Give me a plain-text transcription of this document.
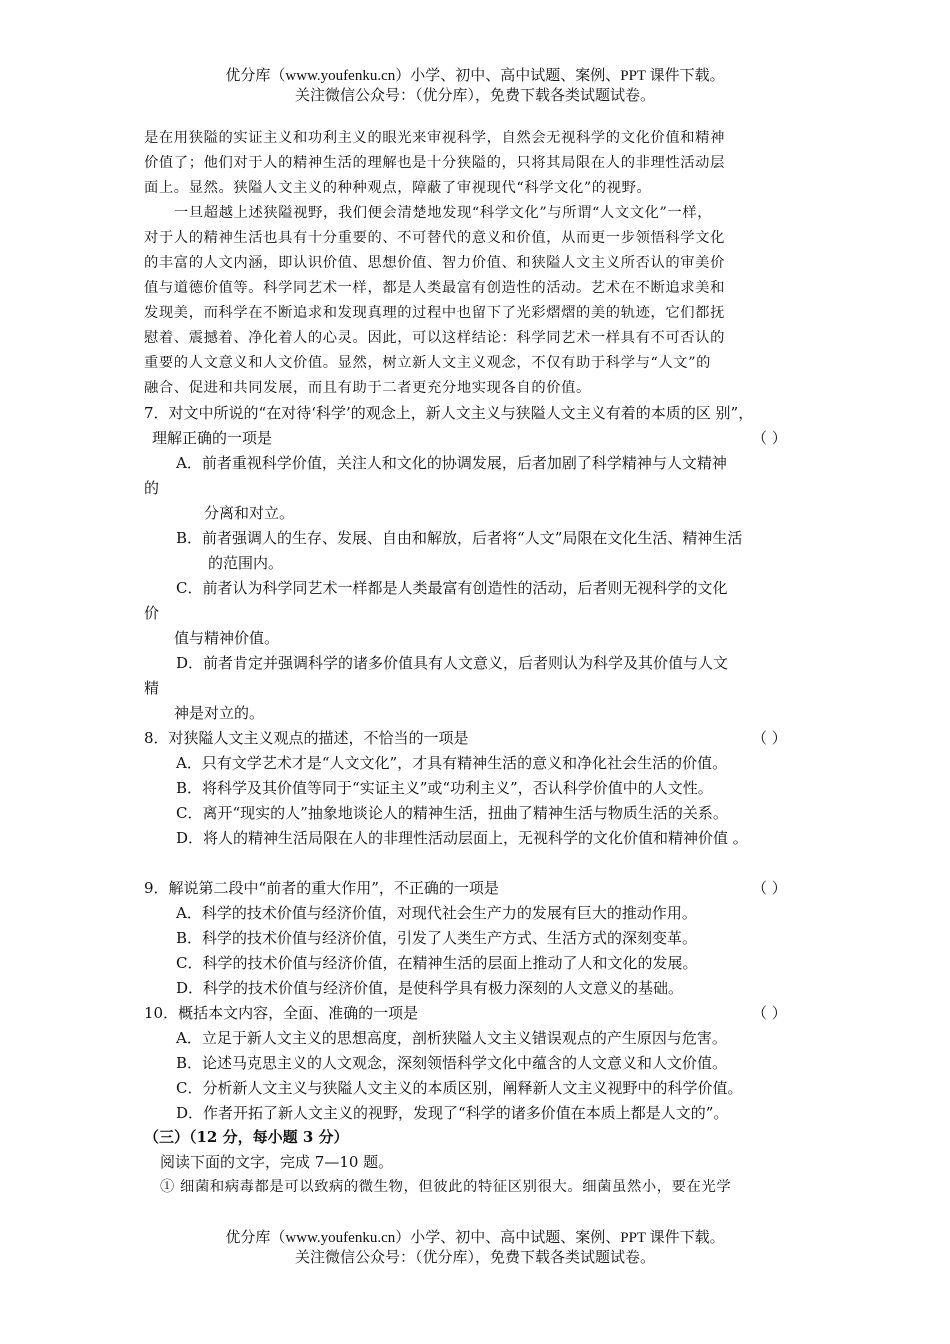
优分库（www.youfenku.cn）小学、初中、高中试题、案例、PPT 课件下载。
关注微信公众号：（优分库），免费下载各类试题试卷。
是在用狭隘的实证主义和功利主义的眼光来审视科学，自然会无视科学的文化价值和精神
价值了；他们对于人的精神生活的理解也是十分狭隘的，只将其局限在人的非理性活动层
面上。显然。狭隘人文主义的种种观点，障蔽了审视现代“科学文化”的视野。
一旦超越上述狭隘视野，我们便会清楚地发现“科学文化”与所谓“人文文化”一样，
对于人的精神生活也具有十分重要的、不可替代的意义和价值，从而更一步领悟科学文化
的丰富的人文内涵，即认识价值、思想价值、智力价值、和狭隘人文主义所否认的审美价
值与道德价值等。科学同艺术一样，都是人类最富有创造性的活动。艺术在不断追求美和
发现美，而科学在不断追求和发现真理的过程中也留下了光彩熠熠的美的轨迹，它们都抚
慰着、震撼着、净化着人的心灵。因此，可以这样结论：科学同艺术一样具有不可否认的
重要的人文意义和人文价值。显然，树立新人文主义观念，不仅有助于科学与“人文”的
融合、促进和共同发展，而且有助于二者更充分地实现各自的价值。
7．对文中所说的“在对待‘科学’的观念上，新人文主义与狭隘人文主义有着的本质的区 别”，
理解正确的一项是	（ ）
A．前者重视科学价值，关注人和文化的协调发展，后者加剧了科学精神与人文精神
的
分离和对立。
B．前者强调人的生存、发展、自由和解放，后者将“人文”局限在文化生活、精神生活
的范围内。
C．前者认为科学同艺术一样都是人类最富有创造性的活动，后者则无视科学的文化
价
值与精神价值。
D．前者肯定并强调科学的诸多价值具有人文意义，后者则认为科学及其价值与人文
精
神是对立的。
8．对狭隘人文主义观点的描述，不恰当的一项是	（ ）
A．只有文学艺术才是“人文文化”，才具有精神生活的意义和净化社会生活的价值。
B．将科学及其价值等同于“实证主义”或“功利主义”，否认科学价值中的人文性。
C．离开“现实的人”抽象地谈论人的精神生活，扭曲了精神生活与物质生活的关系。
D．将人的精神生活局限在人的非理性活动层面上，无视科学的文化价值和精神价值 。
9．解说第二段中“前者的重大作用”，不正确的一项是	（ ）
A．科学的技术价值与经济价值，对现代社会生产力的发展有巨大的推动作用。
B．科学的技术价值与经济价值，引发了人类生产方式、生活方式的深刻变革。
C．科学的技术价值与经济价值，在精神生活的层面上推动了人和文化的发展。
D．科学的技术价值与经济价值，是使科学具有极力深刻的人文意义的基础。
10．概括本文内容，全面、准确的一项是	（ ）
A．立足于新人文主义的思想高度，剖析狭隘人文主义错误观点的产生原因与危害。
B．论述马克思主义的人文观念，深刻领悟科学文化中蕴含的人文意义和人文价值。
C．分析新人文主义与狭隘人文主义的本质区别，阐释新人文主义视野中的科学价值。
D．作者开拓了新人文主义的视野，发现了“科学的诸多价值在本质上都是人文的”。
（三）（12 分，每小题 3 分）
阅读下面的文字，完成 7—10 题。
① 细菌和病毒都是可以致病的微生物，但彼此的特征区别很大。细菌虽然小，要在光学
优分库（www.youfenku.cn）小学、初中、高中试题、案例、PPT 课件下载。
关注微信公众号：（优分库），免费下载各类试题试卷。
